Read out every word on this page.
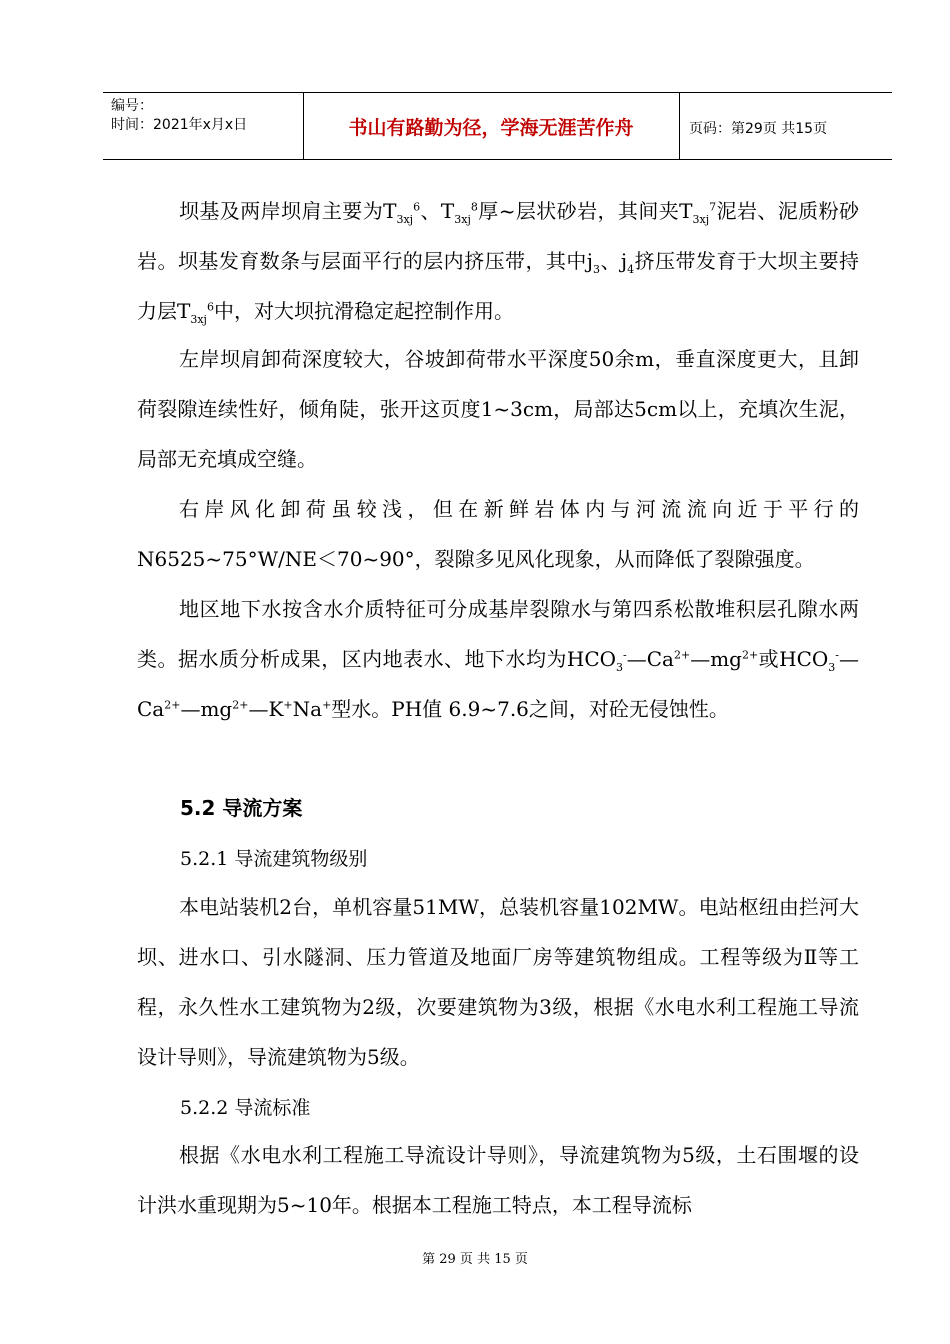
编号：
时间：2021年x月x日	书山有路勤为径，学海无涯苦作舟	页码：第29页 共15页
坝基及两岸坝肩主要为$T_{3xj}^6$、$T_{3xj}^8$厚~层状砂岩，其间夹$T_{3xj}^7$泥岩、泥质粉砂岩。坝基发育数条与层面平行的层内挤压带，其中$j_3$、$j_4$挤压带发育于大坝主要持力层$T_{3xj}^6$中，对大坝抗滑稳定起控制作用。
左岸坝肩卸荷深度较大，谷坡卸荷带水平深度50余m，垂直深度更大，且卸荷裂隙连续性好，倾角陡，张开这页度1~3cm，局部达5cm以上，充填次生泥，局部无充填成空缝。
右岸风化卸荷虽较浅，但在新鲜岩体内与河流流向近于平行的N6525~75°W/NE＜70~90°，裂隙多见风化现象，从而降低了裂隙强度。
地区地下水按含水介质特征可分成基岸裂隙水与第四系松散堆积层孔隙水两类。据水质分析成果，区内地表水、地下水均为$HCO_3^-—Ca^{2+}—mg^{2+}$或$HCO_3^-—Ca^{2+}—mg^{2+}—K^+Na^+$型水。PH值 6.9~7.6之间，对砼无侵蚀性。
5.2 导流方案
5.2.1 导流建筑物级别
本电站装机2台，单机容量51MW，总装机容量102MW。电站枢纽由拦河大坝、进水口、引水隧洞、压力管道及地面厂房等建筑物组成。工程等级为Ⅱ等工程，永久性水工建筑物为2级，次要建筑物为3级，根据《水电水利工程施工导流设计导则》，导流建筑物为5级。
5.2.2 导流标准
根据《水电水利工程施工导流设计导则》，导流建筑物为5级，土石围堰的设计洪水重现期为5~10年。根据本工程施工特点，本工程导流标
第 29 页 共 15 页
